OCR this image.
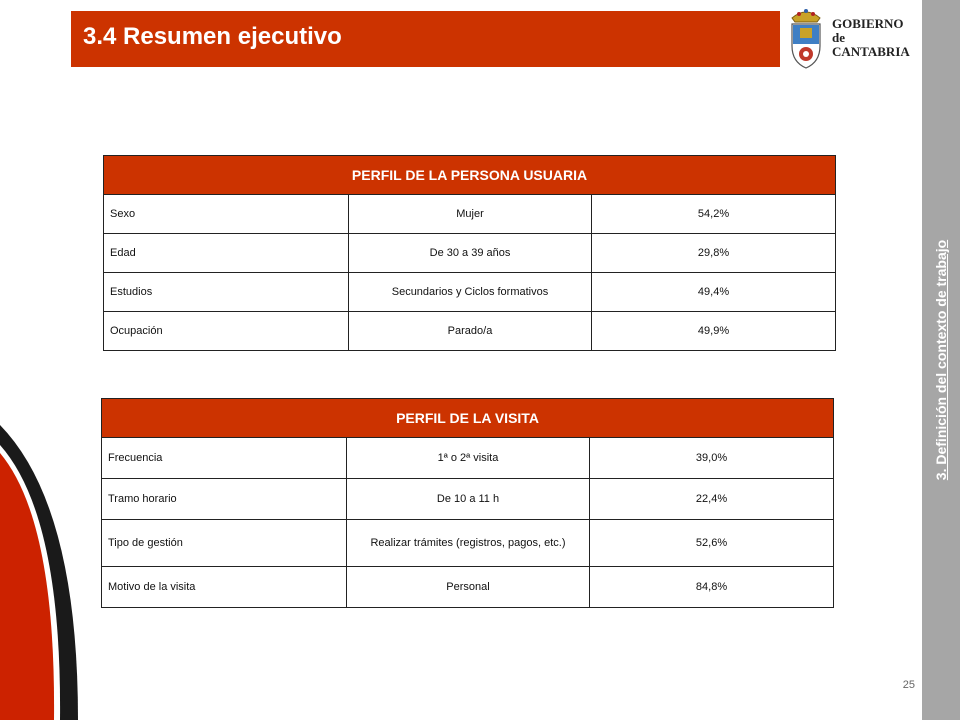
3.4 Resumen ejecutivo	GOBIERNO
de
CANTABRIA
3. Definición del contexto de trabajo
PERFIL DE LA PERSONA USUARIA		
Sexo	Mujer	54,2%
Edad	De 30 a 39 años	29,8%
Estudios	Secundarios y Ciclos formativos	49,4%
Ocupación	Parado/a	49,9%
PERFIL DE LA VISITA		
Frecuencia	1ª o 2ª visita	39,0%
Tramo horario	De 10 a 11 h	22,4%
Tipo de gestión	Realizar trámites (registros, pagos, etc.)	52,6%
Motivo de la visita	Personal	84,8%
25
